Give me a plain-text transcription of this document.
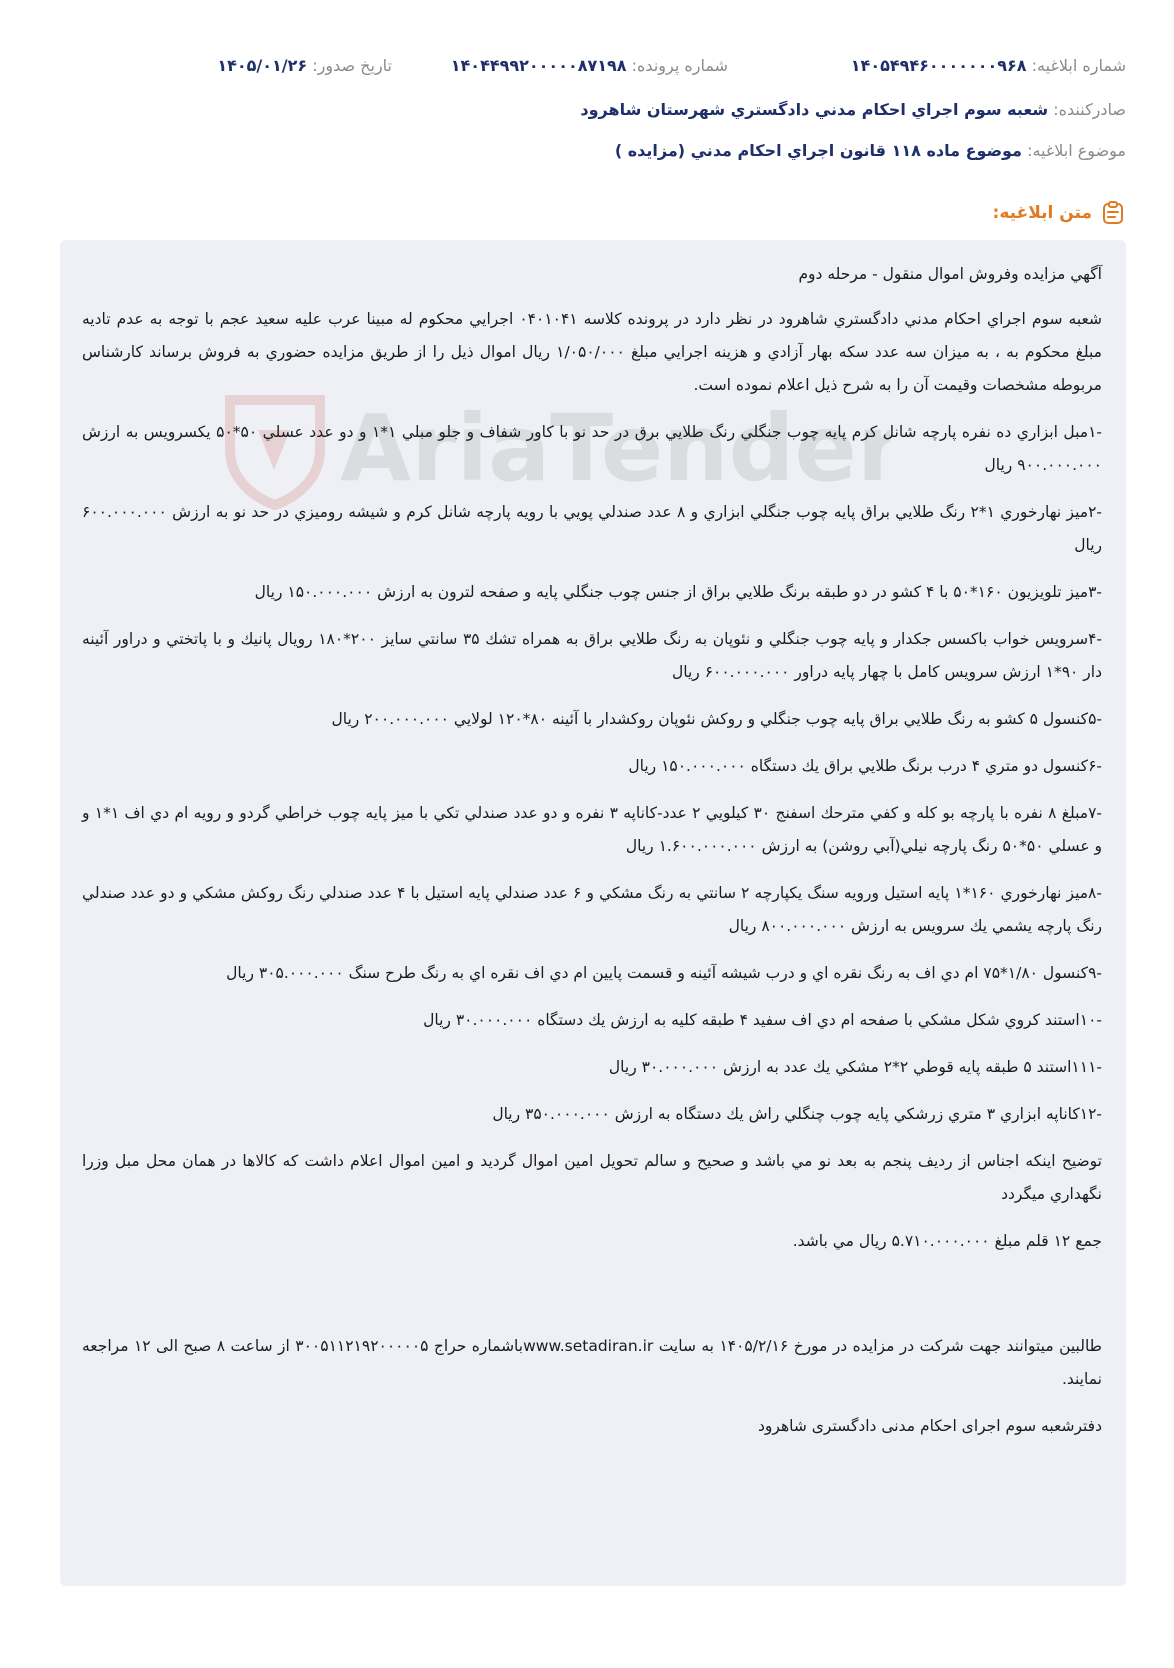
شماره ابلاغیه: ۱۴۰۵۴۹۴۶۰۰۰۰۰۰۰۹۶۸
شماره پرونده: ۱۴۰۴۴۹۹۲۰۰۰۰۰۸۷۱۹۸
تاریخ صدور: ۱۴۰۵/۰۱/۲۶
صادرکننده: شعبه سوم اجراي احكام مدني دادگستري شهرستان شاهرود
موضوع ابلاغیه: موضوع ماده ۱۱۸ قانون اجراي احكام مدني (مزايده )
متن ابلاغیه:
AriaTender

آگهي مزايده وفروش اموال منقول - مرحله دوم

شعبه سوم اجراي احكام مدني دادگستري شاهرود در نظر دارد در پرونده كلاسه ۰۴۰۱۰۴۱ اجرايي محكوم له مبينا عرب عليه سعيد عجم با توجه به عدم تاديه مبلغ محكوم به ، به ميزان سه عدد سكه بهار آزادي و هزينه اجرايي مبلغ ۱/۰۵۰/۰۰۰ ريال اموال ذيل را از طريق مزايده حضوري به فروش برساند كارشناس مربوطه مشخصات وقيمت آن را به شرح ذيل اعلام نموده است.

-۱مبل ابزاري ده نفره پارچه شانل كرم پايه چوب جنگلي رنگ طلايي برق در حد نو با كاور شفاف و جلو مبلي ۱*۱ و دو عدد عسلي ۵۰*۵۰ يكسرويس به ارزش ۹۰۰.۰۰۰.۰۰۰ ريال

-۲ميز نهارخوري ۱*۲ رنگ طلايي براق پايه چوب جنگلي ابزاري و ۸ عدد صندلي پويي با رويه پارچه شانل كرم و شيشه روميزي در حد نو به ارزش ۶۰۰.۰۰۰.۰۰۰ ريال

-۳ميز تلويزيون ۱۶۰*۵۰ با ۴ كشو در دو طبقه برنگ طلايي براق از جنس چوب جنگلي پايه و صفحه لترون به ارزش ۱۵۰.۰۰۰.۰۰۰ ريال

-۴سرويس خواب باكسس جكدار و پايه چوب جنگلي و نئوپان به رنگ طلايي براق به همراه تشك ۳۵ سانتي سايز ۲۰۰*۱۸۰ رويال پانيك و با پاتختي و دراور آئينه دار ۹۰*۱ ارزش سرويس كامل با چهار پايه دراور ۶۰۰.۰۰۰.۰۰۰ ريال

-۵كنسول ۵ كشو به رنگ طلايي براق پايه چوب جنگلي و روكش نئوپان روكشدار با آئينه ۸۰*۱۲۰ لولايي ۲۰۰.۰۰۰.۰۰۰ ريال

-۶كنسول دو متري ۴ درب برنگ طلايي براق يك دستگاه ۱۵۰.۰۰۰.۰۰۰ ريال

-۷مبلغ ۸ نفره با پارچه بو كله و كفي مترحك اسفنج ۳۰ كيلويي ۲ عدد-كاناپه ۳ نفره و دو عدد صندلي تكي با ميز پايه چوب خراطي گردو و رويه ام دي اف ۱*۱ و و عسلي ۵۰*۵۰ رنگ پارچه نيلي(آبي روشن) به ارزش ۱.۶۰۰.۰۰۰.۰۰۰ ريال

-۸ميز نهارخوري ۱۶۰*۱ پايه استيل ورويه سنگ يكپارچه ۲ سانتي به رنگ مشكي و ۶ عدد صندلي پايه استيل با ۴ عدد صندلي رنگ روكش مشكي و دو عدد صندلي رنگ پارچه يشمي يك سرويس به ارزش ۸۰۰.۰۰۰.۰۰۰ ريال

-۹كنسول ۱/۸۰*۷۵ ام دي اف به رنگ نقره اي و درب شيشه آئينه و قسمت پايين ام دي اف نقره اي به رنگ طرح سنگ ۳۰۵.۰۰۰.۰۰۰ ريال

-۱۰استند كروي شكل مشكي با صفحه ام دي اف سفيد ۴ طبقه كليه به ارزش يك دستگاه ۳۰.۰۰۰.۰۰۰ ريال

-۱۱۱استند ۵ طبقه پايه قوطي ۲*۲ مشكي يك عدد به ارزش ۳۰.۰۰۰.۰۰۰ ريال

-۱۲كاناپه ابزاري ۳ متري زرشكي پايه چوب چنگلي راش يك دستگاه به ارزش ۳۵۰.۰۰۰.۰۰۰ ريال

توضيح اينكه اجناس از رديف پنجم به بعد نو مي باشد و صحيح و سالم تحويل امين اموال گرديد و امين اموال اعلام داشت كه كالاها در همان محل مبل وزرا نگهداري ميگردد

جمع ۱۲ قلم مبلغ ۵.۷۱۰.۰۰۰.۰۰۰ ريال مي باشد.

طالبين ميتوانند جهت شركت در مزايده در مورخ ۱۴۰۵/۲/۱۶ به سايت www.setadiran.irباشماره حراج ۳۰۰۵۱۱۲۱۹۲۰۰۰۰۰۵ از ساعت ۸ صبح الى ۱۲ مراجعه نمايند.

دفترشعبه سوم اجرای احکام مدنی دادگستری شاهرود
